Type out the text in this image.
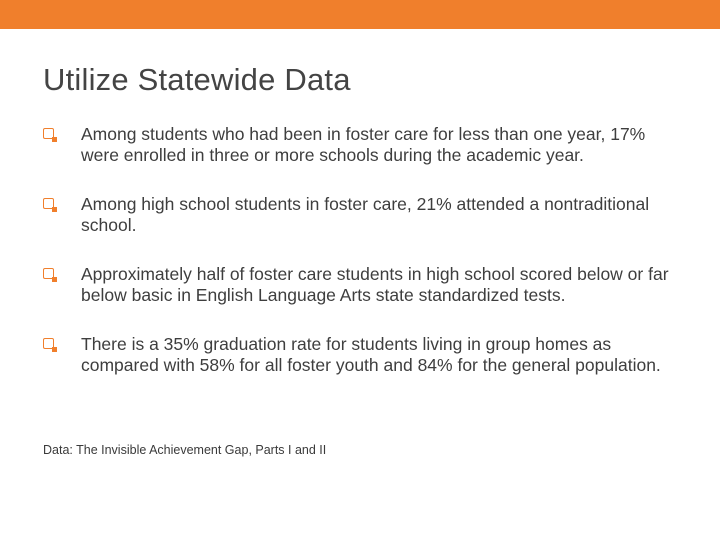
Utilize Statewide Data
Among students who had been in foster care for less than one year, 17% were enrolled in three or more schools during the academic year.
Among high school students in foster care, 21% attended a nontraditional school.
Approximately half of foster care students in high school scored below or far below basic in English Language Arts state standardized tests.
There is a 35% graduation rate for students living in group homes as compared with 58% for all foster youth and 84% for the general population.
Data: The Invisible Achievement Gap, Parts I and II
